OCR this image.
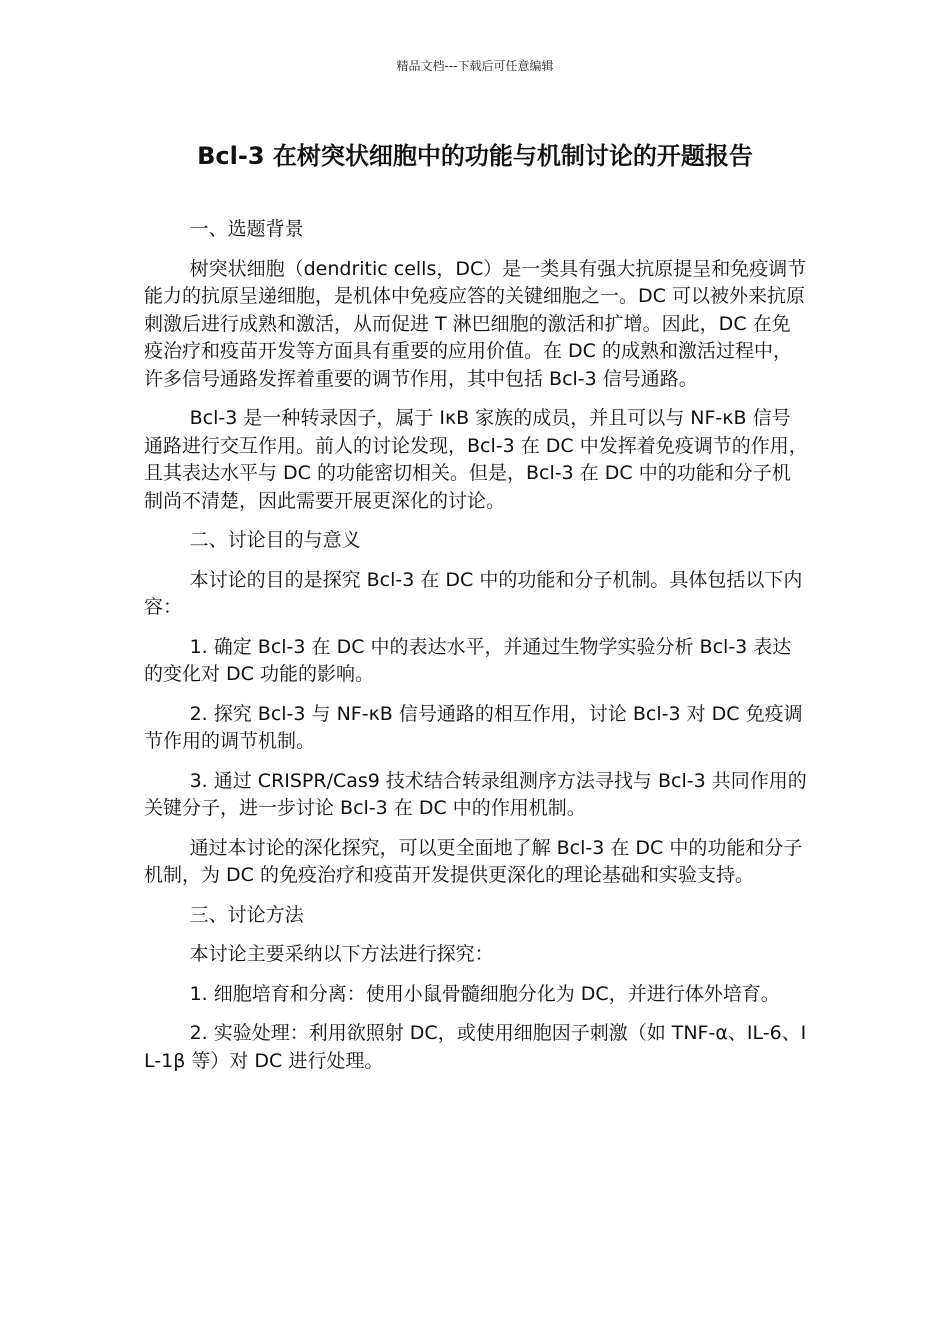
精品文档---下载后可任意编辑
Bcl-3 在树突状细胞中的功能与机制讨论的开题报告

一、选题背景

树突状细胞（dendritic cells，DC）是一类具有强大抗原提呈和免疫调节能力的抗原呈递细胞，是机体中免疫应答的关键细胞之一。DC 可以被外来抗原刺激后进行成熟和激活，从而促进 T 淋巴细胞的激活和扩增。因此，DC 在免疫治疗和疫苗开发等方面具有重要的应用价值。在 DC 的成熟和激活过程中，许多信号通路发挥着重要的调节作用，其中包括 Bcl-3 信号通路。

Bcl-3 是一种转录因子，属于 IκB 家族的成员，并且可以与 NF-κB 信号通路进行交互作用。前人的讨论发现，Bcl-3 在 DC 中发挥着免疫调节的作用，且其表达水平与 DC 的功能密切相关。但是，Bcl-3 在 DC 中的功能和分子机制尚不清楚，因此需要开展更深化的讨论。

二、讨论目的与意义

本讨论的目的是探究 Bcl-3 在 DC 中的功能和分子机制。具体包括以下内容：

1. 确定 Bcl-3 在 DC 中的表达水平，并通过生物学实验分析 Bcl-3 表达的变化对 DC 功能的影响。

2. 探究 Bcl-3 与 NF-κB 信号通路的相互作用，讨论 Bcl-3 对 DC 免疫调节作用的调节机制。

3. 通过 CRISPR/Cas9 技术结合转录组测序方法寻找与 Bcl-3 共同作用的关键分子，进一步讨论 Bcl-3 在 DC 中的作用机制。

通过本讨论的深化探究，可以更全面地了解 Bcl-3 在 DC 中的功能和分子机制，为 DC 的免疫治疗和疫苗开发提供更深化的理论基础和实验支持。

三、讨论方法

本讨论主要采纳以下方法进行探究：

1. 细胞培育和分离：使用小鼠骨髓细胞分化为 DC，并进行体外培育。

2. 实验处理：利用欲照射 DC，或使用细胞因子刺激（如 TNF-α、IL-6、IL-1β 等）对 DC 进行处理。
